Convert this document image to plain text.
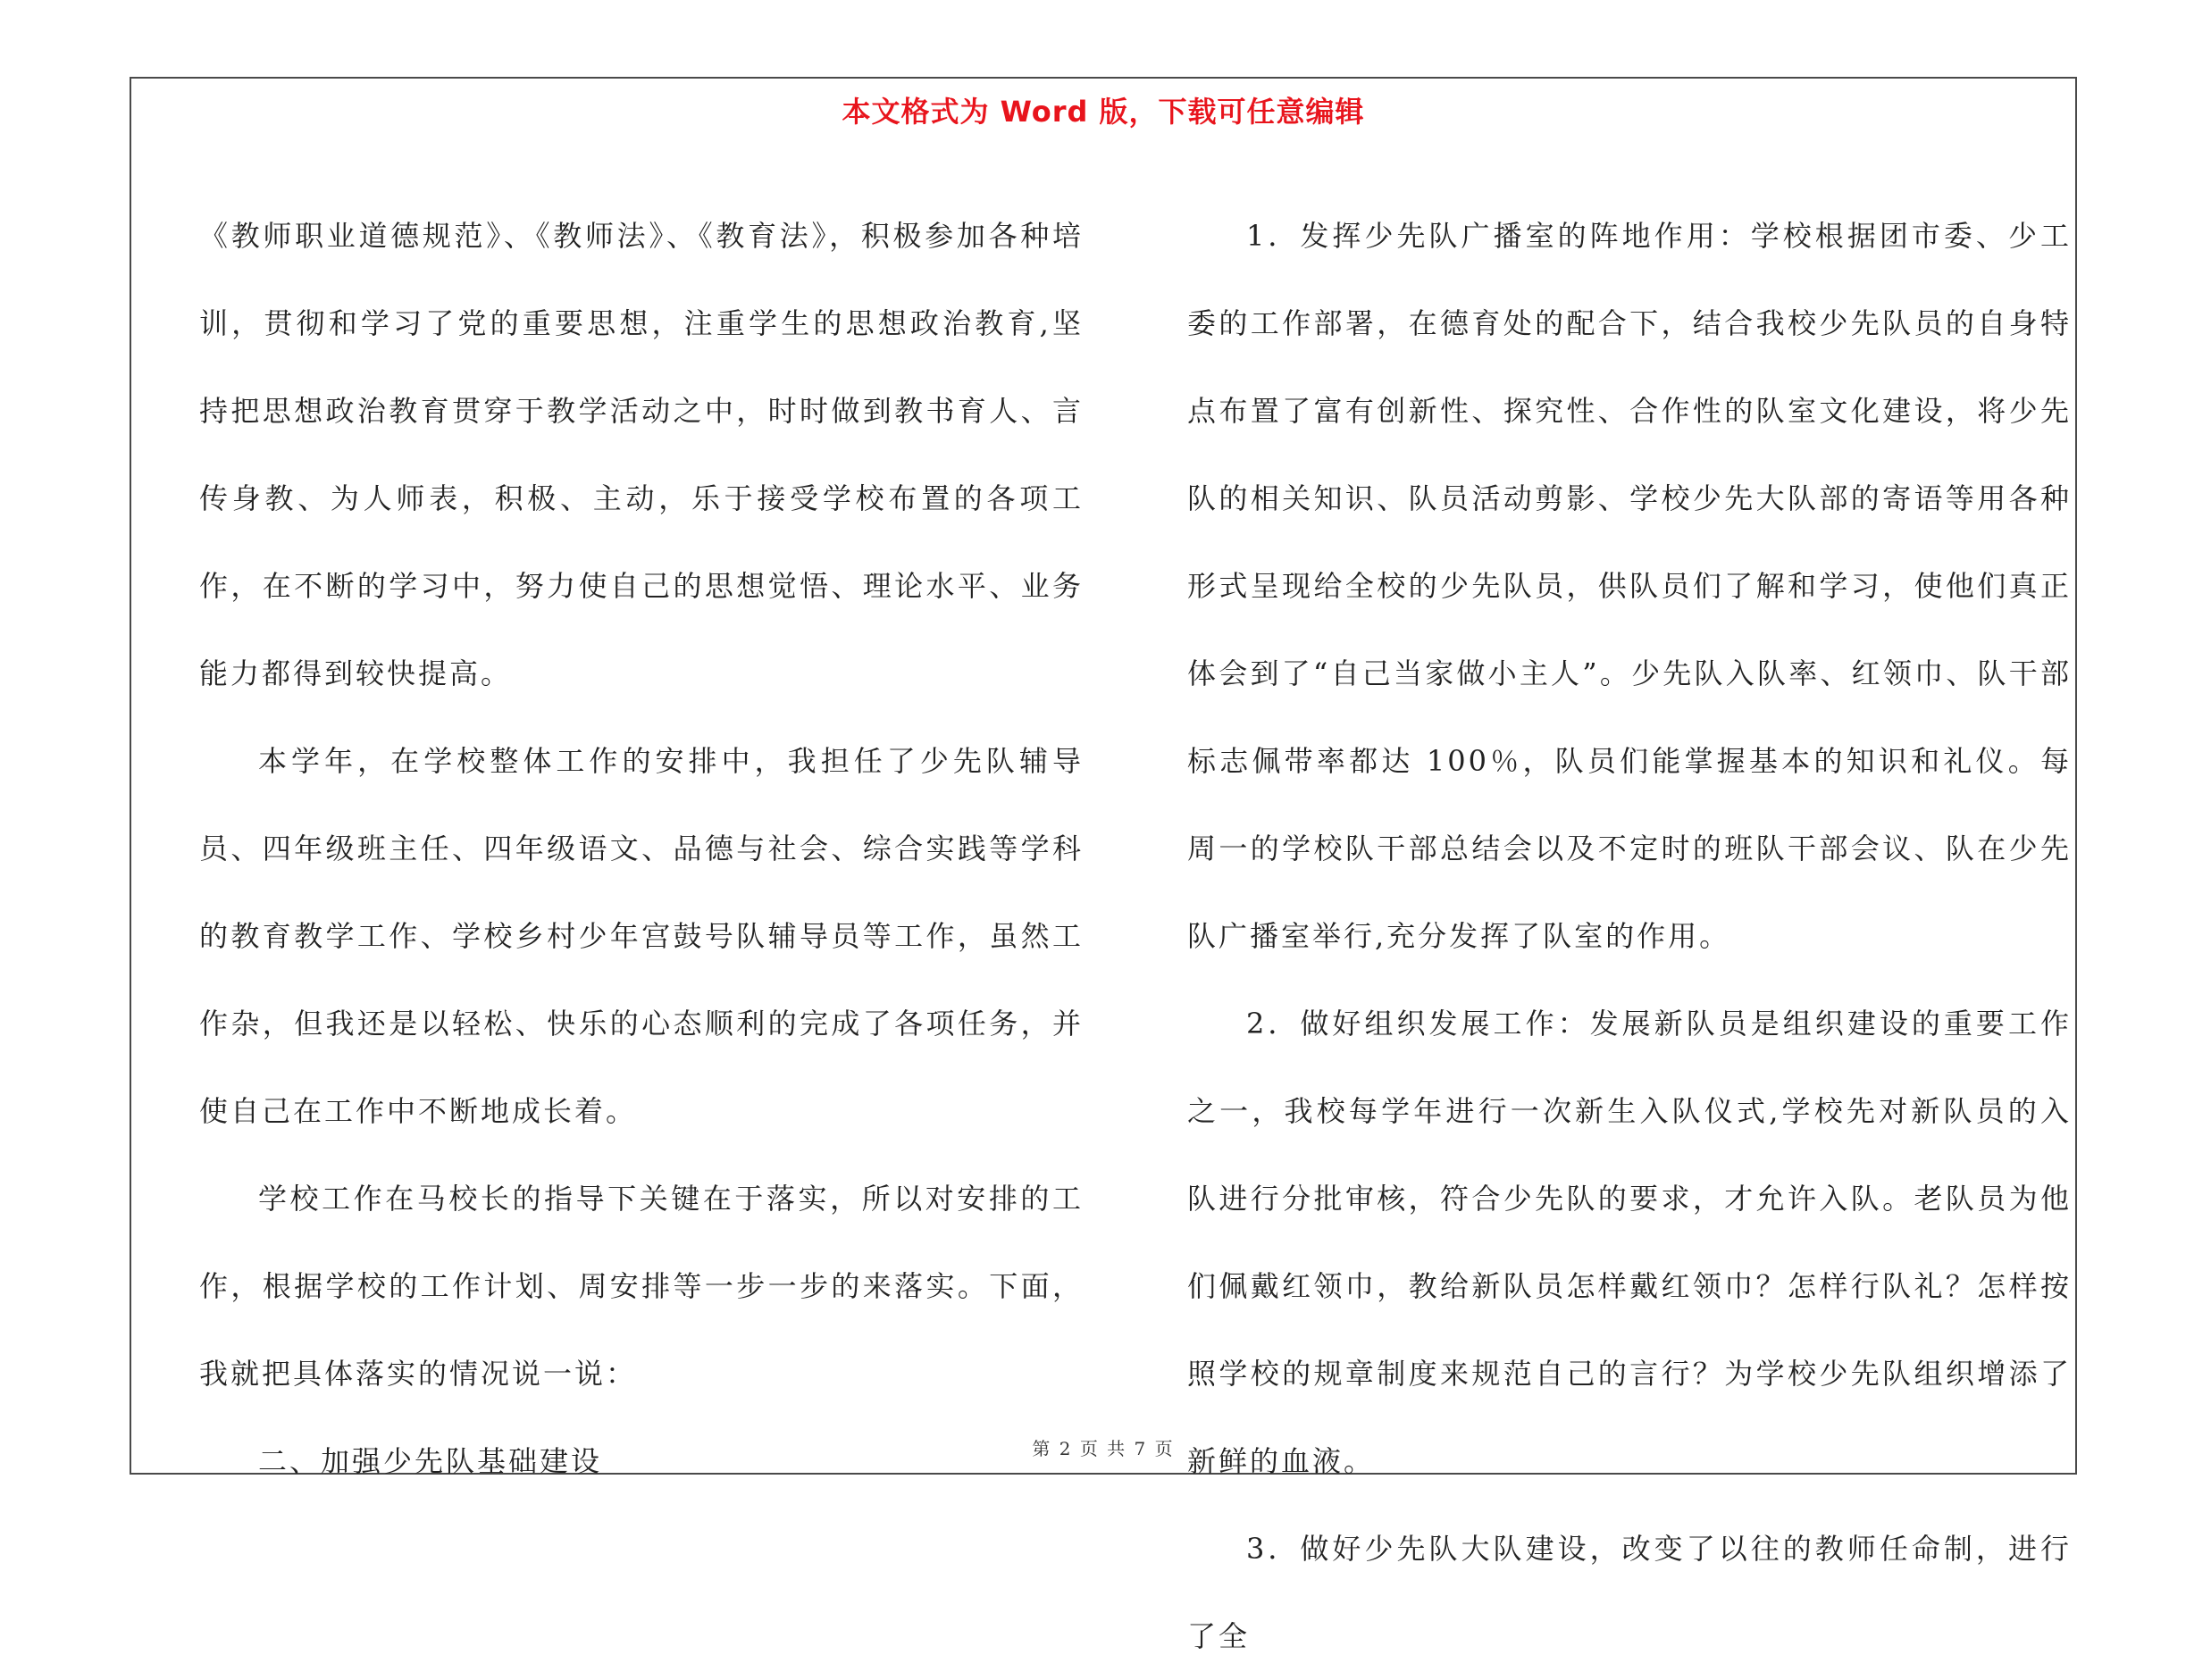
本文格式为 Word 版，下载可任意编辑

《教师职业道德规范》、《教师法》、《教育法》，积极参加各种培训，贯彻和学习了党的重要思想，注重学生的思想政治教育,坚持把思想政治教育贯穿于教学活动之中，时时做到教书育人、言传身教、为人师表，积极、主动，乐于接受学校布置的各项工作，在不断的学习中，努力使自己的思想觉悟、理论水平、业务能力都得到较快提高。

本学年，在学校整体工作的安排中，我担任了少先队辅导员、四年级班主任、四年级语文、品德与社会、综合实践等学科的教育教学工作、学校乡村少年宫鼓号队辅导员等工作，虽然工作杂，但我还是以轻松、快乐的心态顺利的完成了各项任务，并使自己在工作中不断地成长着。

学校工作在马校长的指导下关键在于落实，所以对安排的工作，根据学校的工作计划、周安排等一步一步的来落实。下面，我就把具体落实的情况说一说：

二、加强少先队基础建设

1．发挥少先队广播室的阵地作用：学校根据团市委、少工委的工作部署，在德育处的配合下，结合我校少先队员的自身特点布置了富有创新性、探究性、合作性的队室文化建设，将少先队的相关知识、队员活动剪影、学校少先大队部的寄语等用各种形式呈现给全校的少先队员，供队员们了解和学习，使他们真正体会到了“自己当家做小主人”。少先队入队率、红领巾、队干部标志佩带率都达 100％，队员们能掌握基本的知识和礼仪。每周一的学校队干部总结会以及不定时的班队干部会议、队在少先队广播室举行,充分发挥了队室的作用。

2．做好组织发展工作：发展新队员是组织建设的重要工作之一，我校每学年进行一次新生入队仪式,学校先对新队员的入队进行分批审核，符合少先队的要求，才允许入队。老队员为他们佩戴红领巾，教给新队员怎样戴红领巾？怎样行队礼？怎样按照学校的规章制度来规范自己的言行？为学校少先队组织增添了新鲜的血液。

3．做好少先队大队建设，改变了以往的教师任命制，进行了全

第 2 页 共 7 页
